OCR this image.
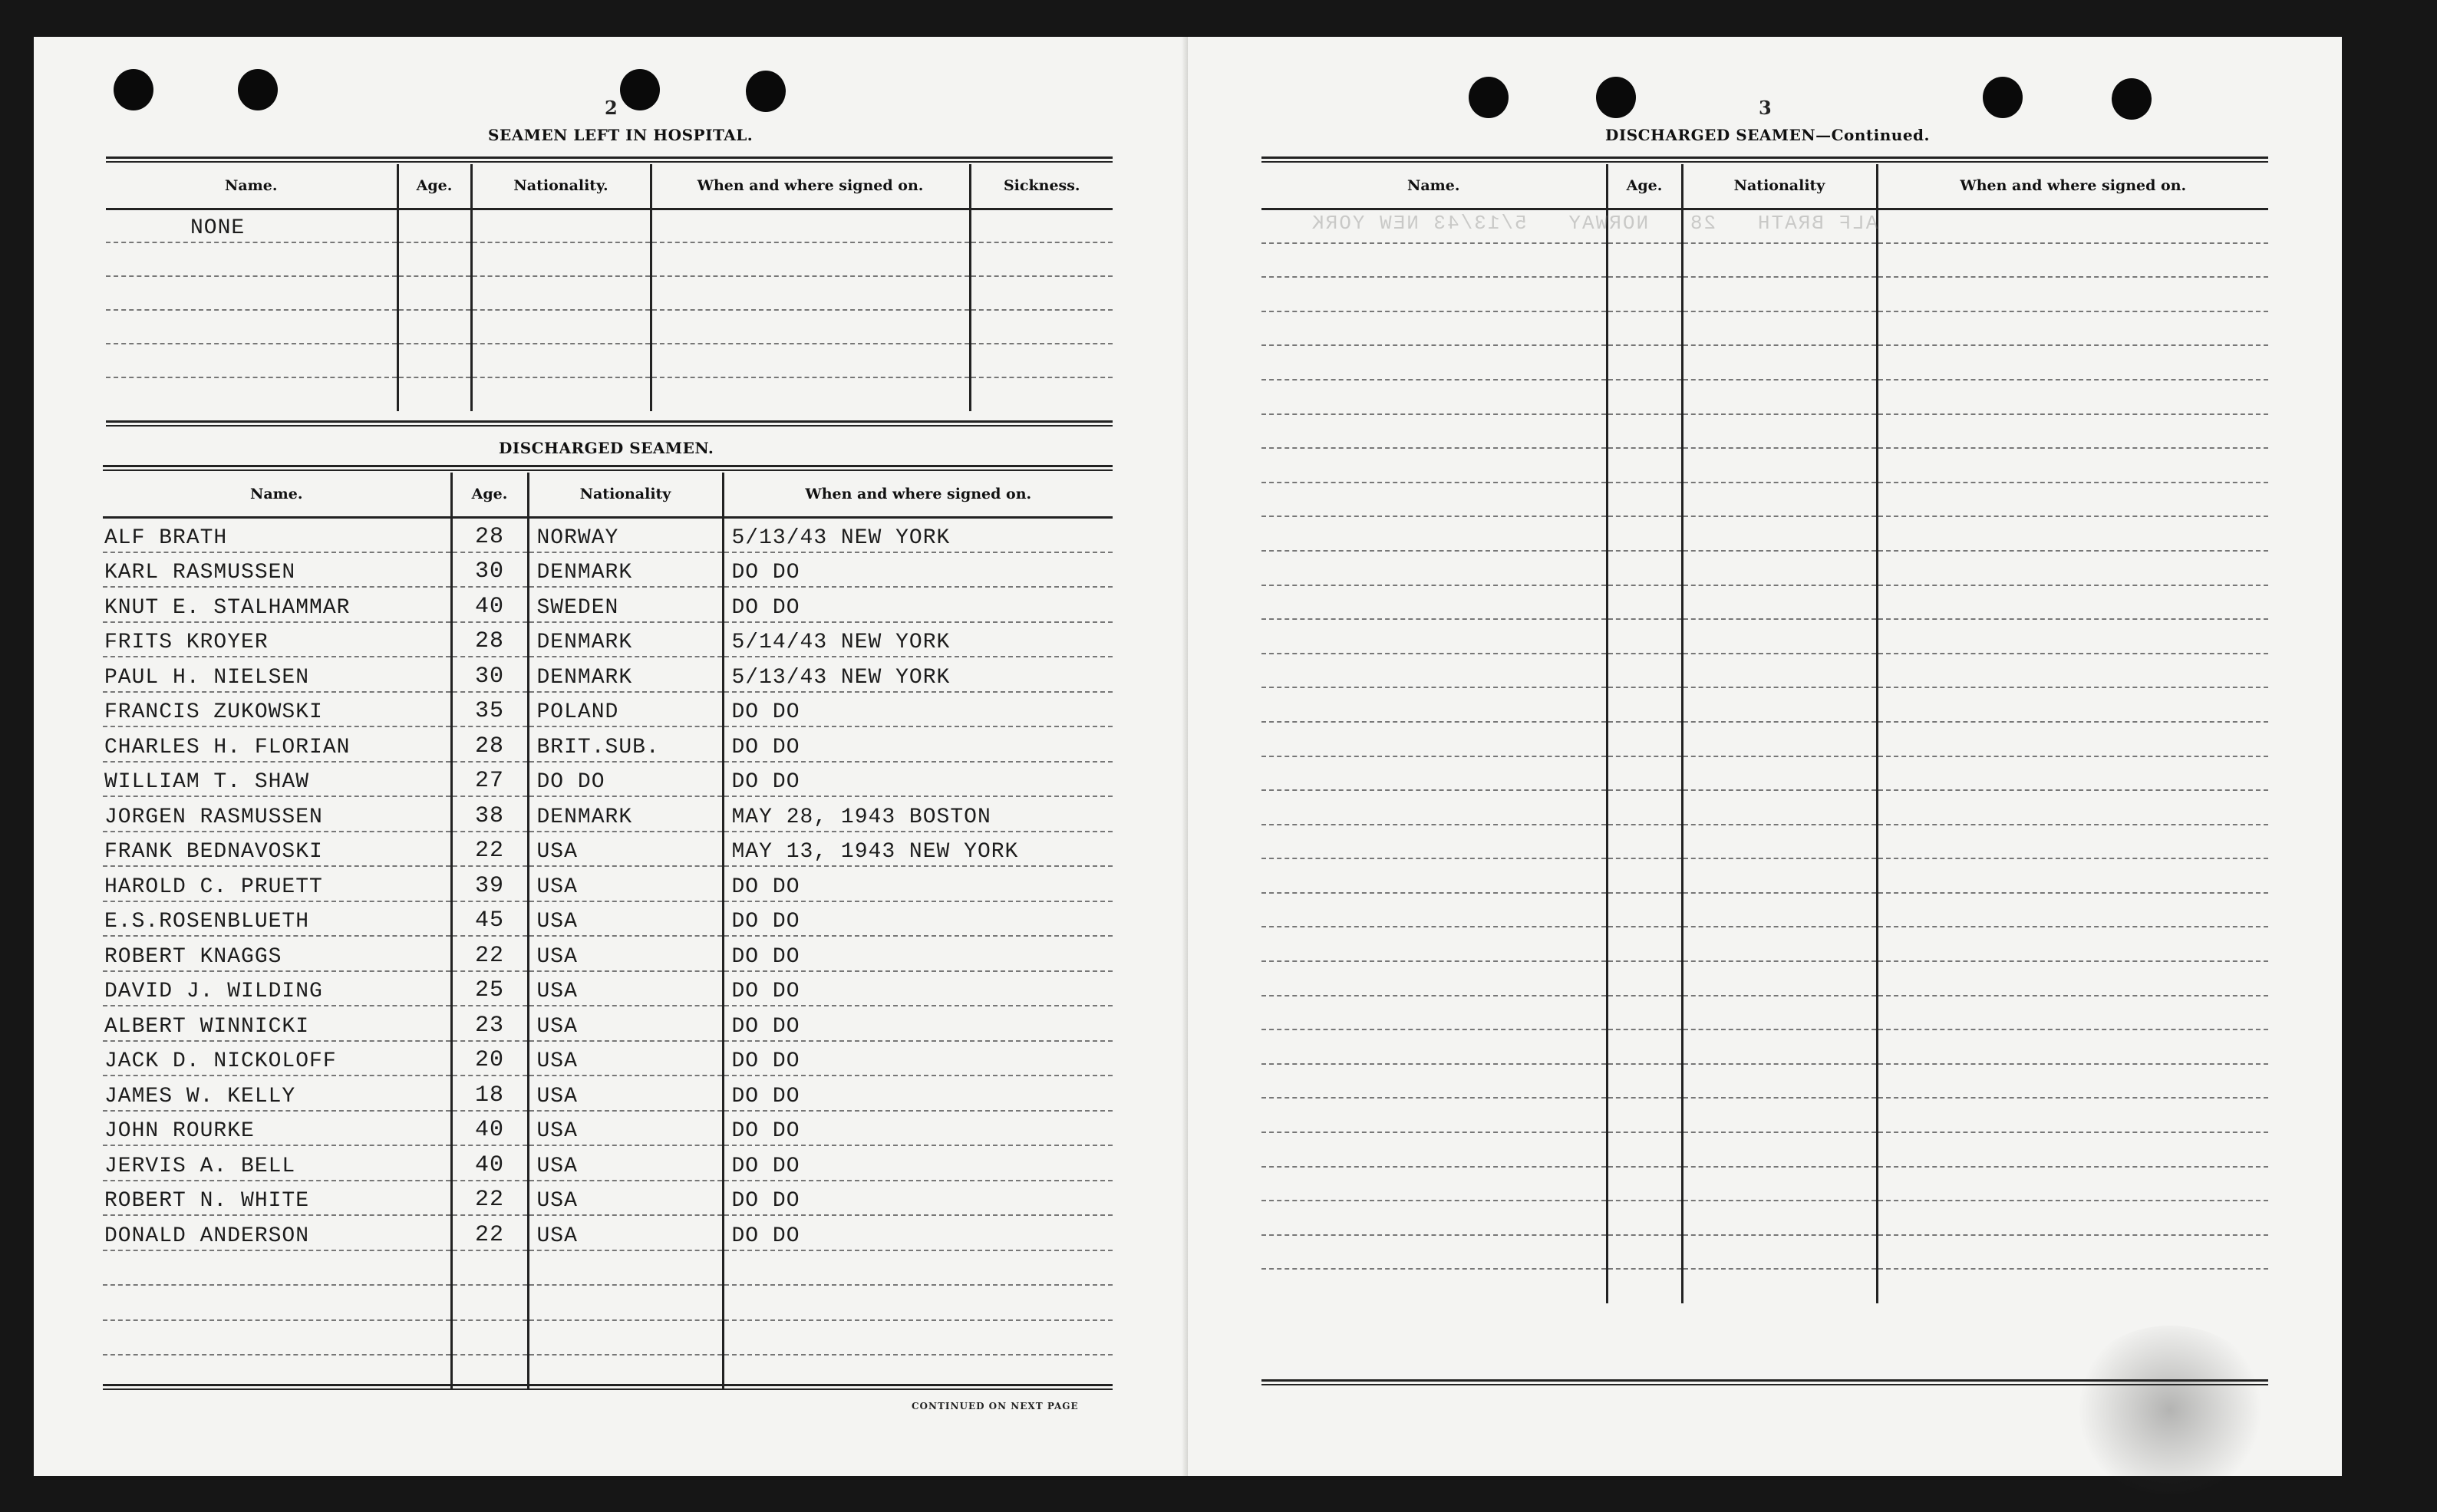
2
SEAMEN LEFT IN HOSPITAL.
Name.	Age.	Nationality.	When and where signed on.	Sickness.
NONE				

DISCHARGED SEAMEN.
Name.	Age.	Nationality	When and where signed on.
ALF BRATH	28	NORWAY	5/13/43 NEW YORK
KARL RASMUSSEN	30	DENMARK	DO DO
KNUT E. STALHAMMAR	40	SWEDEN	DO DO
FRITS KROYER	28	DENMARK	5/14/43 NEW YORK
PAUL H. NIELSEN	30	DENMARK	5/13/43 NEW YORK
FRANCIS ZUKOWSKI	35	POLAND	DO DO
CHARLES H. FLORIAN	28	BRIT.SUB.	DO DO
WILLIAM T. SHAW	27	DO DO	DO DO
JORGEN RASMUSSEN	38	DENMARK	MAY 28, 1943 BOSTON
FRANK BEDNAVOSKI	22	USA	MAY 13, 1943 NEW YORK
HAROLD C. PRUETT	39	USA	DO DO
E.S.ROSENBLUETH	45	USA	DO DO
ROBERT KNAGGS	22	USA	DO DO
DAVID J. WILDING	25	USA	DO DO
ALBERT WINNICKI	23	USA	DO DO
JACK D. NICKOLOFF	20	USA	DO DO
JAMES W. KELLY	18	USA	DO DO
JOHN ROURKE	40	USA	DO DO
JERVIS A. BELL	40	USA	DO DO
ROBERT N. WHITE	22	USA	DO DO
DONALD ANDERSON	22	USA	DO DO

CONTINUED ON NEXT PAGE
3
DISCHARGED SEAMEN—Continued.
Name.	Age.	Nationality	When and where signed on.

ALF BRATH   28   NORWAY   5/13/43 NEW YORK
